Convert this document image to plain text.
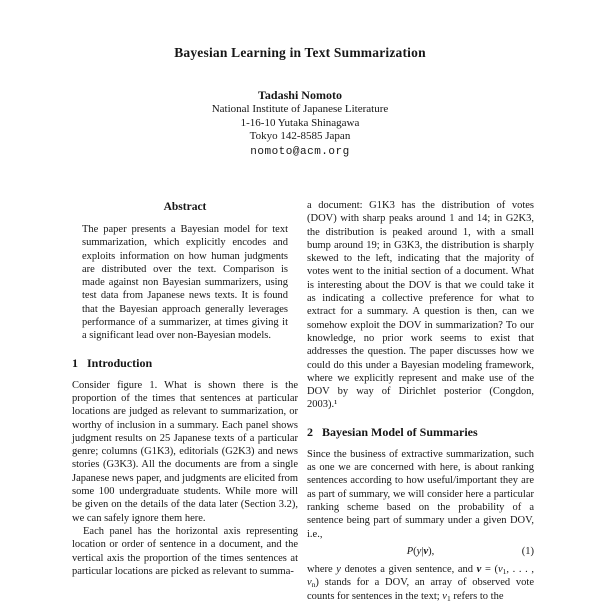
Bayesian Learning in Text Summarization
Tadashi Nomoto
National Institute of Japanese Literature
1-16-10 Yutaka Shinagawa
Tokyo 142-8585 Japan
nomoto@acm.org
Abstract

The paper presents a Bayesian model for text summarization, which explicitly encodes and exploits information on how human judgments are distributed over the text. Comparison is made against non Bayesian summarizers, using test data from Japanese news texts. It is found that the Bayesian approach generally leverages performance of a summarizer, at times giving it a significant lead over non-Bayesian models.

1 Introduction

Consider figure 1. What is shown there is the proportion of the times that sentences at particular locations are judged as relevant to summarization, or worthy of inclusion in a summary. Each panel shows judgment results on 25 Japanese texts of a particular genre; columns (G1K3), editorials (G2K3) and news stories (G3K3). All the documents are from a single Japanese news paper, and judgments are elicited from some 100 undergraduate students. While more will be given on the details of the data later (Section 3.2), we can safely ignore them here.

Each panel has the horizontal axis representing location or order of sentence in a document, and the vertical axis the proportion of the times sentences at particular locations are picked as relevant to summa-

a document: G1K3 has the distribution of votes (DOV) with sharp peaks around 1 and 14; in G2K3, the distribution is peaked around 1, with a small bump around 19; in G3K3, the distribution is sharply skewed to the left, indicating that the majority of votes went to the initial section of a document. What is interesting about the DOV is that we could take it as indicating a collective preference for what to extract for a summary. A question is then, can we somehow exploit the DOV in summarization? To our knowledge, no prior work seems to exist that addresses the question. The paper discusses how we could do this under a Bayesian modeling framework, where we explicitly represent and make use of the DOV by way of Dirichlet posterior (Congdon, 2003).¹

2 Bayesian Model of Summaries

Since the business of extractive summarization, such as one we are concerned with here, is about ranking sentences according to how useful/important they are as part of summary, we will consider here a particular ranking scheme based on the probability of a sentence being part of summary under a given DOV, i.e.,

P(y|v),	(1)

where y denotes a given sentence, and $v = (v_1$, . . . , $v_n$) stands for a DOV, an array of observed vote counts for sentences in the text; $v_1$ refers to the
